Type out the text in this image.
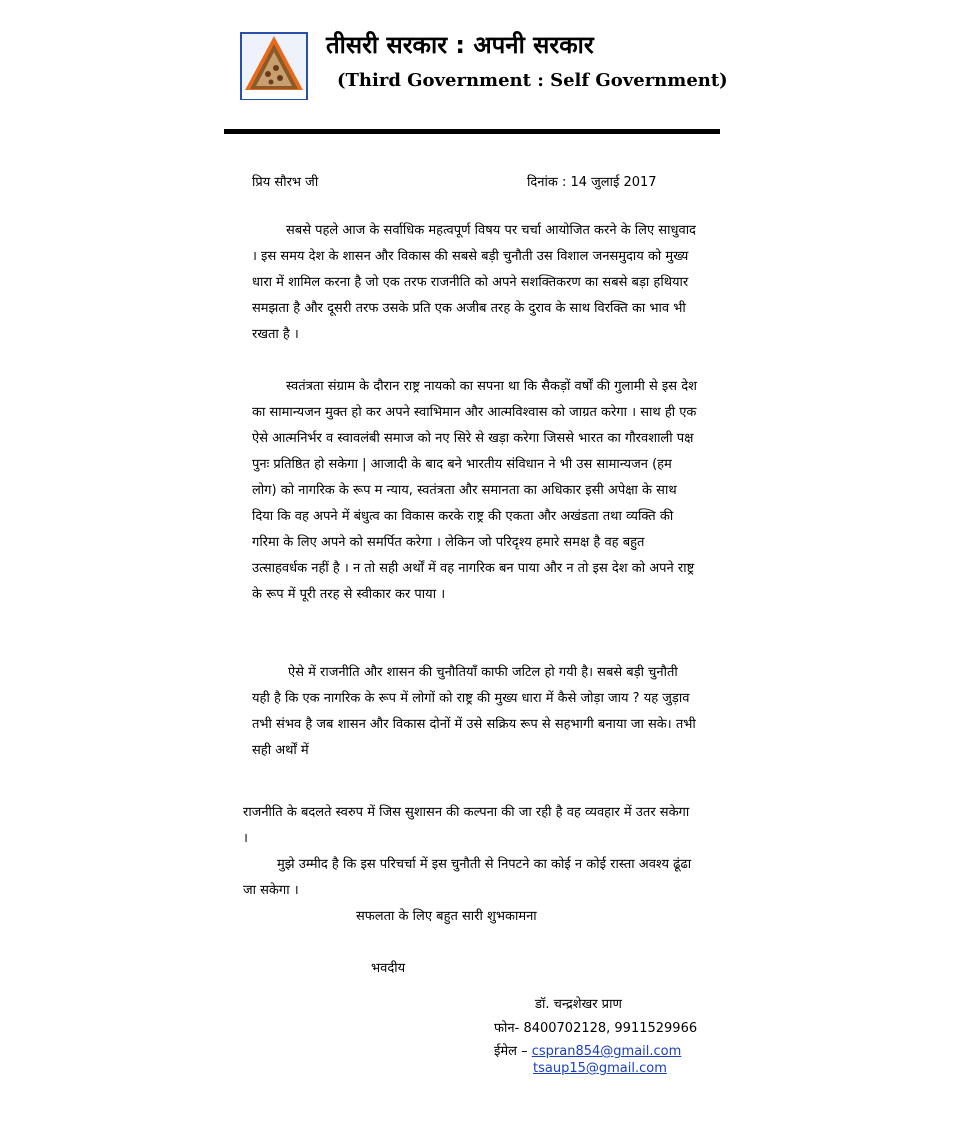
तीसरी सरकार : अपनी सरकार
(Third Government : Self Government)
प्रिय सौरभ जी	दिनांक : 14 जुलाई 2017

सबसे पहले आज के सर्वाधिक महत्वपूर्ण विषय पर चर्चा आयोजित करने के लिए साधुवाद । इस समय देश के शासन और विकास की सबसे बड़ी चुनौती उस विशाल जनसमुदाय को मुख्य धारा में शामिल करना है जो एक तरफ राजनीति को अपने सशक्तिकरण का सबसे बड़ा हथियार समझता है और दूसरी तरफ उसके प्रति एक अजीब तरह के दुराव के साथ विरक्ति का भाव भी रखता है ।

स्वतंत्रता संग्राम के दौरान राष्ट्र नायको का सपना था कि सैकड़ों वर्षों की गुलामी से इस देश का सामान्यजन मुक्त हो कर अपने स्वाभिमान और आत्मविश्वास को जाग्रत करेगा । साथ ही एक ऐसे आत्मनिर्भर व स्वावलंबी समाज को नए सिरे से खड़ा करेगा जिससे भारत का गौरवशाली पक्ष पुनः प्रतिष्ठित हो सकेगा | आजादी के बाद बने भारतीय संविधान ने भी उस सामान्यजन (हम लोग) को नागरिक के रूप म न्याय, स्वतंत्रता और समानता का अधिकार इसी अपेक्षा के साथ दिया कि वह अपने में बंधुत्व का विकास करके राष्ट्र की एकता और अखंडता तथा व्यक्ति की गरिमा के लिए अपने को समर्पित करेगा । लेकिन जो परिदृश्य हमारे समक्ष है वह बहुत उत्साहवर्धक नहीं है । न तो सही अर्थों में वह नागरिक बन पाया और न तो इस देश को अपने राष्ट्र के रूप में पूरी तरह से स्वीकार कर पाया ।

ऐसे में राजनीति और शासन की चुनौतियाँ काफी जटिल हो गयी है। सबसे बड़ी चुनौती यही है कि एक नागरिक के रूप में लोगों को राष्ट्र की मुख्य धारा में कैसे जोड़ा जाय ? यह जुड़ाव तभी संभव है जब शासन और विकास दोनों में उसे सक्रिय रूप से सहभागी बनाया जा सके। तभी सही अर्थों में

राजनीति के बदलते स्वरुप में जिस सुशासन की कल्पना की जा रही है वह व्यवहार में उतर सकेगा ।

मुझे उम्मीद है कि इस परिचर्चा में इस चुनौती से निपटने का कोई न कोई रास्ता अवश्य ढूंढा जा सकेगा ।

सफलता के लिए बहुत सारी शुभकामना
भवदीय
डॉ. चन्द्रशेखर प्राण
फोन- 8400702128, 9911529966
ईमेल – cspran854@gmail.com
tsaup15@gmail.com
